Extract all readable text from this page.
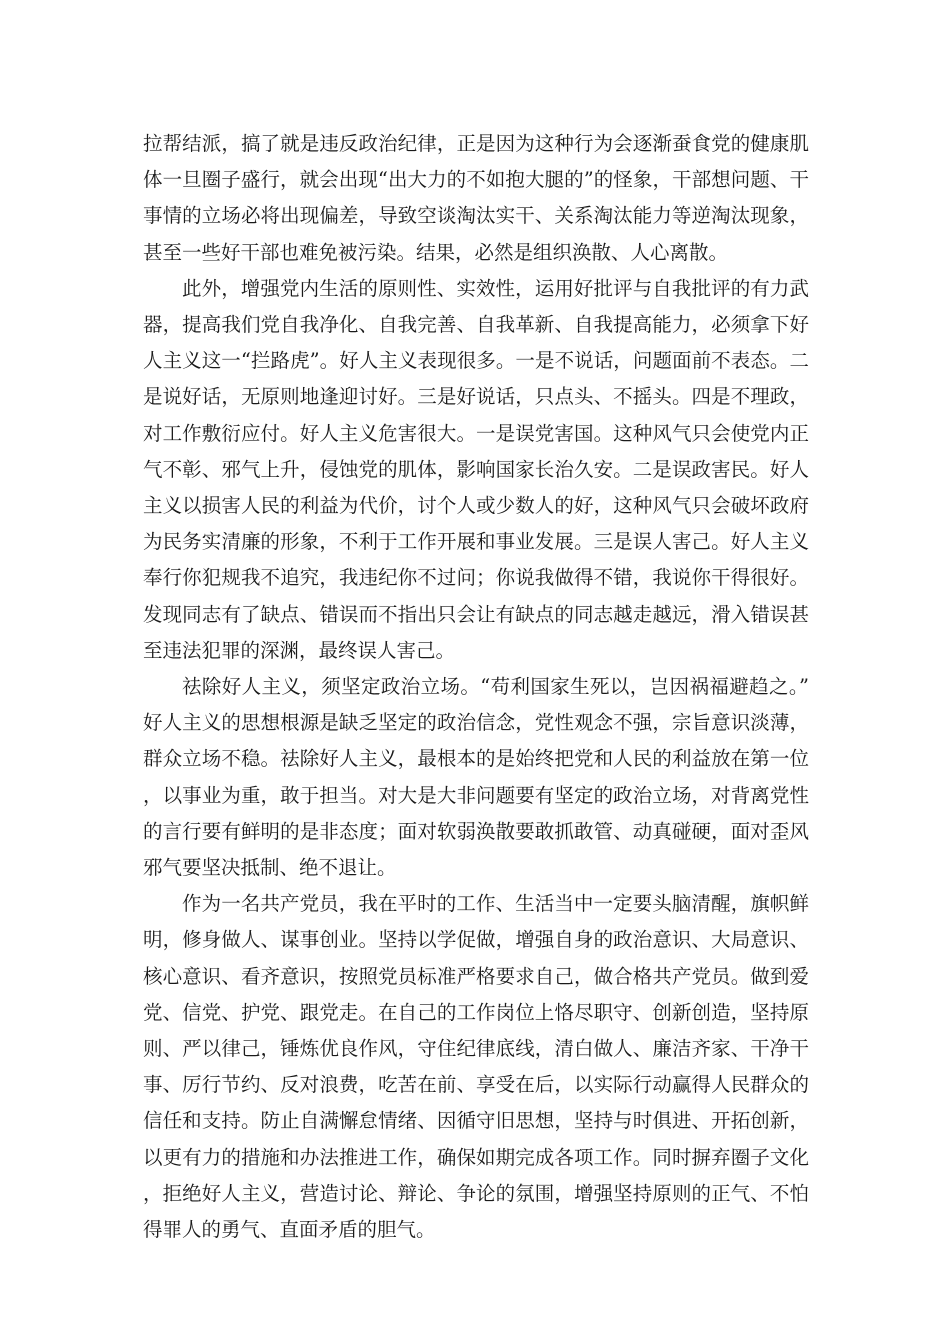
拉帮结派，搞了就是违反政治纪律，正是因为这种行为会逐渐蚕食党的健康肌体一旦圈子盛行，就会出现“出大力的不如抱大腿的”的怪象，干部想问题、干事情的立场必将出现偏差，导致空谈淘汰实干、关系淘汰能力等逆淘汰现象，甚至一些好干部也难免被污染。结果，必然是组织涣散、人心离散。

此外，增强党内生活的原则性、实效性，运用好批评与自我批评的有力武器，提高我们党自我净化、自我完善、自我革新、自我提高能力，必须拿下好人主义这一“拦路虎”。好人主义表现很多。一是不说话，问题面前不表态。二是说好话，无原则地逢迎讨好。三是好说话，只点头、不摇头。四是不理政，对工作敷衍应付。好人主义危害很大。一是误党害国。这种风气只会使党内正气不彰、邪气上升，侵蚀党的肌体，影响国家长治久安。二是误政害民。好人主义以损害人民的利益为代价，讨个人或少数人的好，这种风气只会破坏政府为民务实清廉的形象，不利于工作开展和事业发展。三是误人害己。好人主义奉行你犯规我不追究，我违纪你不过问；你说我做得不错，我说你干得很好。发现同志有了缺点、错误而不指出只会让有缺点的同志越走越远，滑入错误甚至违法犯罪的深渊，最终误人害己。

祛除好人主义，须坚定政治立场。“苟利国家生死以，岂因祸福避趋之。”好人主义的思想根源是缺乏坚定的政治信念，党性观念不强，宗旨意识淡薄，群众立场不稳。祛除好人主义，最根本的是始终把党和人民的利益放在第一位，以事业为重，敢于担当。对大是大非问题要有坚定的政治立场，对背离党性的言行要有鲜明的是非态度；面对软弱涣散要敢抓敢管、动真碰硬，面对歪风邪气要坚决抵制、绝不退让。

作为一名共产党员，我在平时的工作、生活当中一定要头脑清醒，旗帜鲜明，修身做人、谋事创业。坚持以学促做，增强自身的政治意识、大局意识、核心意识、看齐意识，按照党员标准严格要求自己，做合格共产党员。做到爱党、信党、护党、跟党走。在自己的工作岗位上恪尽职守、创新创造，坚持原则、严以律己，锤炼优良作风，守住纪律底线，清白做人、廉洁齐家、干净干事、厉行节约、反对浪费，吃苦在前、享受在后，以实际行动赢得人民群众的信任和支持。防止自满懈怠情绪、因循守旧思想，坚持与时俱进、开拓创新，以更有力的措施和办法推进工作，确保如期完成各项工作。同时摒弃圈子文化，拒绝好人主义，营造讨论、辩论、争论的氛围，增强坚持原则的正气、不怕得罪人的勇气、直面矛盾的胆气。
